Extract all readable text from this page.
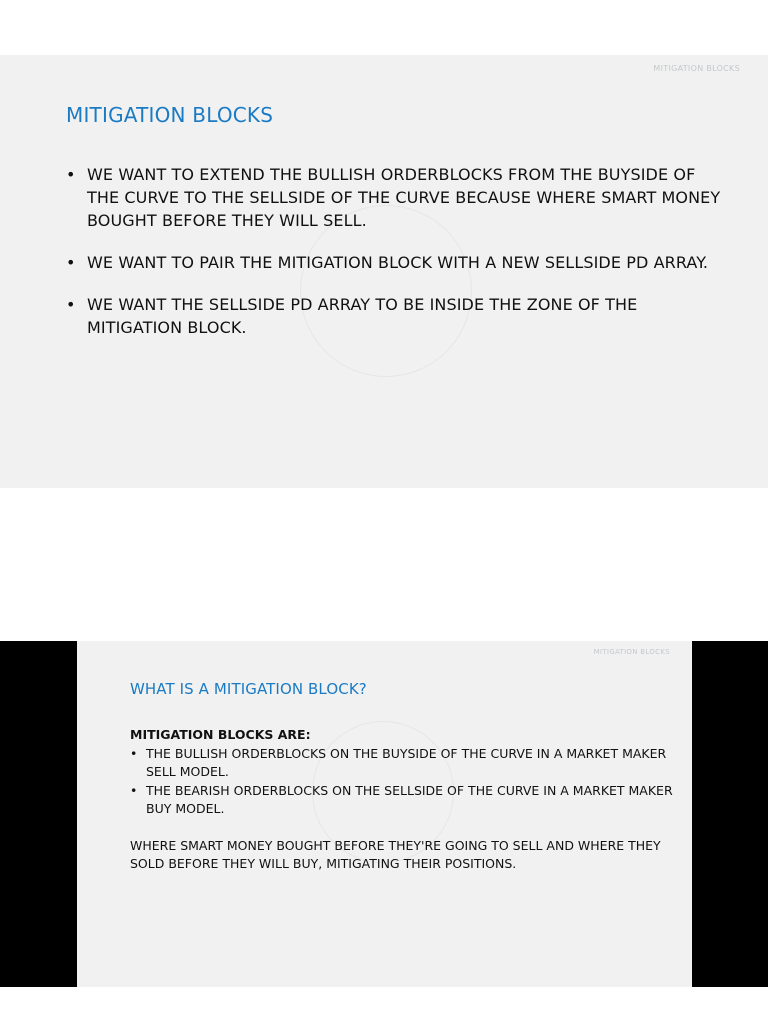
MITIGATION BLOCKS
MITIGATION BLOCKS
• WE WANT TO EXTEND THE BULLISH ORDERBLOCKS FROM THE BUYSIDE OF THE CURVE TO THE SELLSIDE OF THE CURVE BECAUSE WHERE SMART MONEY BOUGHT BEFORE THEY WILL SELL.
• WE WANT TO PAIR THE MITIGATION BLOCK WITH A NEW SELLSIDE PD ARRAY.
• WE WANT THE SELLSIDE PD ARRAY TO BE INSIDE THE ZONE OF THE MITIGATION BLOCK.
MITIGATION BLOCKS
WHAT IS A MITIGATION BLOCK?

MITIGATION BLOCKS ARE:

• THE BULLISH ORDERBLOCKS ON THE BUYSIDE OF THE CURVE IN A MARKET MAKER SELL MODEL.
• THE BEARISH ORDERBLOCKS ON THE SELLSIDE OF THE CURVE IN A MARKET MAKER BUY MODEL.

WHERE SMART MONEY BOUGHT BEFORE THEY'RE GOING TO SELL AND WHERE THEY SOLD BEFORE THEY WILL BUY, MITIGATING THEIR POSITIONS.
